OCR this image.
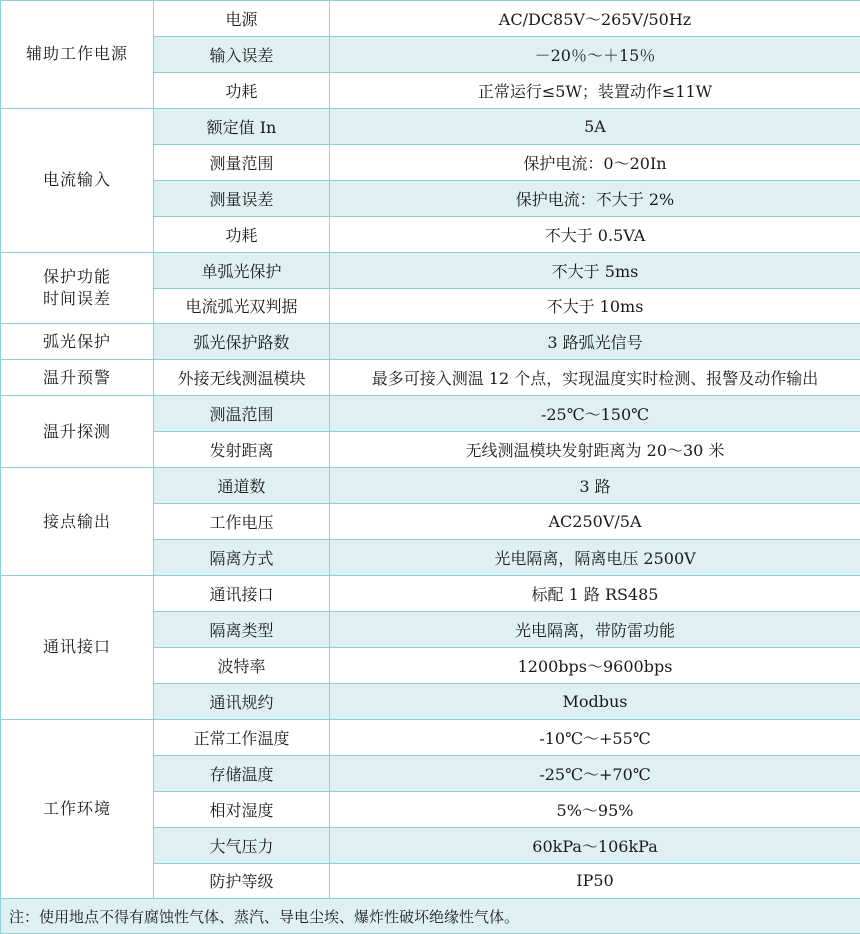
辅助工作电源	电源	AC/DC85V～265V/50Hz
	输入误差	－20％～＋15％
	功耗	正常运行≤5W；装置动作≤11W

电流输入	额定值 In	5A
	测量范围	保护电流：0～20In
	测量误差	保护电流：不大于 2%
	功耗	不大于 0.5VA

保护功能
时间误差	单弧光保护	不大于 5ms
	电流弧光双判据	不大于 10ms

弧光保护	弧光保护路数	3 路弧光信号

温升预警	外接无线测温模块	最多可接入测温 12 个点，实现温度实时检测、报警及动作输出

温升探测	测温范围	-25℃～150℃
	发射距离	无线测温模块发射距离为 20～30 米

接点输出	通道数	3 路
	工作电压	AC250V/5A
	隔离方式	光电隔离，隔离电压 2500V

通讯接口	通讯接口	标配 1 路 RS485
	隔离类型	光电隔离，带防雷功能
	波特率	1200bps～9600bps
	通讯规约	Modbus

工作环境	正常工作温度	-10℃～+55℃
	存储温度	-25℃～+70℃
	相对湿度	5%～95%
	大气压力	60kPa～106kPa
	防护等级	IP50
注：使用地点不得有腐蚀性气体、蒸汽、导电尘埃、爆炸性破坏绝缘性气体。		
